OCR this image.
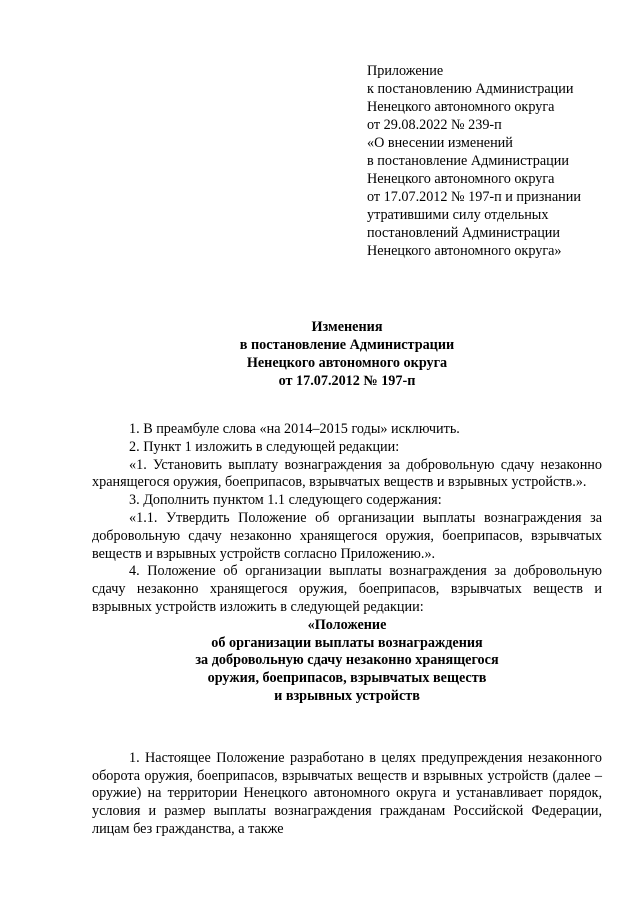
Приложение
к постановлению Администрации
Ненецкого автономного округа
от 29.08.2022 № 239-п
«О внесении изменений
в постановление Администрации
Ненецкого автономного округа
от 17.07.2012 № 197-п и признании
утратившими силу отдельных
постановлений Администрации
Ненецкого автономного округа»
Изменения
в постановление Администрации
Ненецкого автономного округа
от 17.07.2012 № 197-п

1. В преамбуле слова «на 2014–2015 годы» исключить.

2. Пункт 1 изложить в следующей редакции:

«1. Установить выплату вознаграждения за добровольную сдачу незаконно хранящегося оружия, боеприпасов, взрывчатых веществ и взрывных устройств.».

3. Дополнить пунктом 1.1 следующего содержания:

«1.1. Утвердить Положение об организации выплаты вознаграждения за добровольную сдачу незаконно хранящегося оружия, боеприпасов, взрывчатых веществ и взрывных устройств согласно Приложению.».

4. Положение об организации выплаты вознаграждения за добровольную сдачу незаконно хранящегося оружия, боеприпасов, взрывчатых веществ и взрывных устройств изложить в следующей редакции:

«Положение
об организации выплаты вознаграждения
за добровольную сдачу незаконно хранящегося
оружия, боеприпасов, взрывчатых веществ
и взрывных устройств

1. Настоящее Положение разработано в целях предупреждения незаконного оборота оружия, боеприпасов, взрывчатых веществ и взрывных устройств (далее – оружие) на территории Ненецкого автономного округа и устанавливает порядок, условия и размер выплаты вознаграждения гражданам Российской Федерации, лицам без гражданства, а также
